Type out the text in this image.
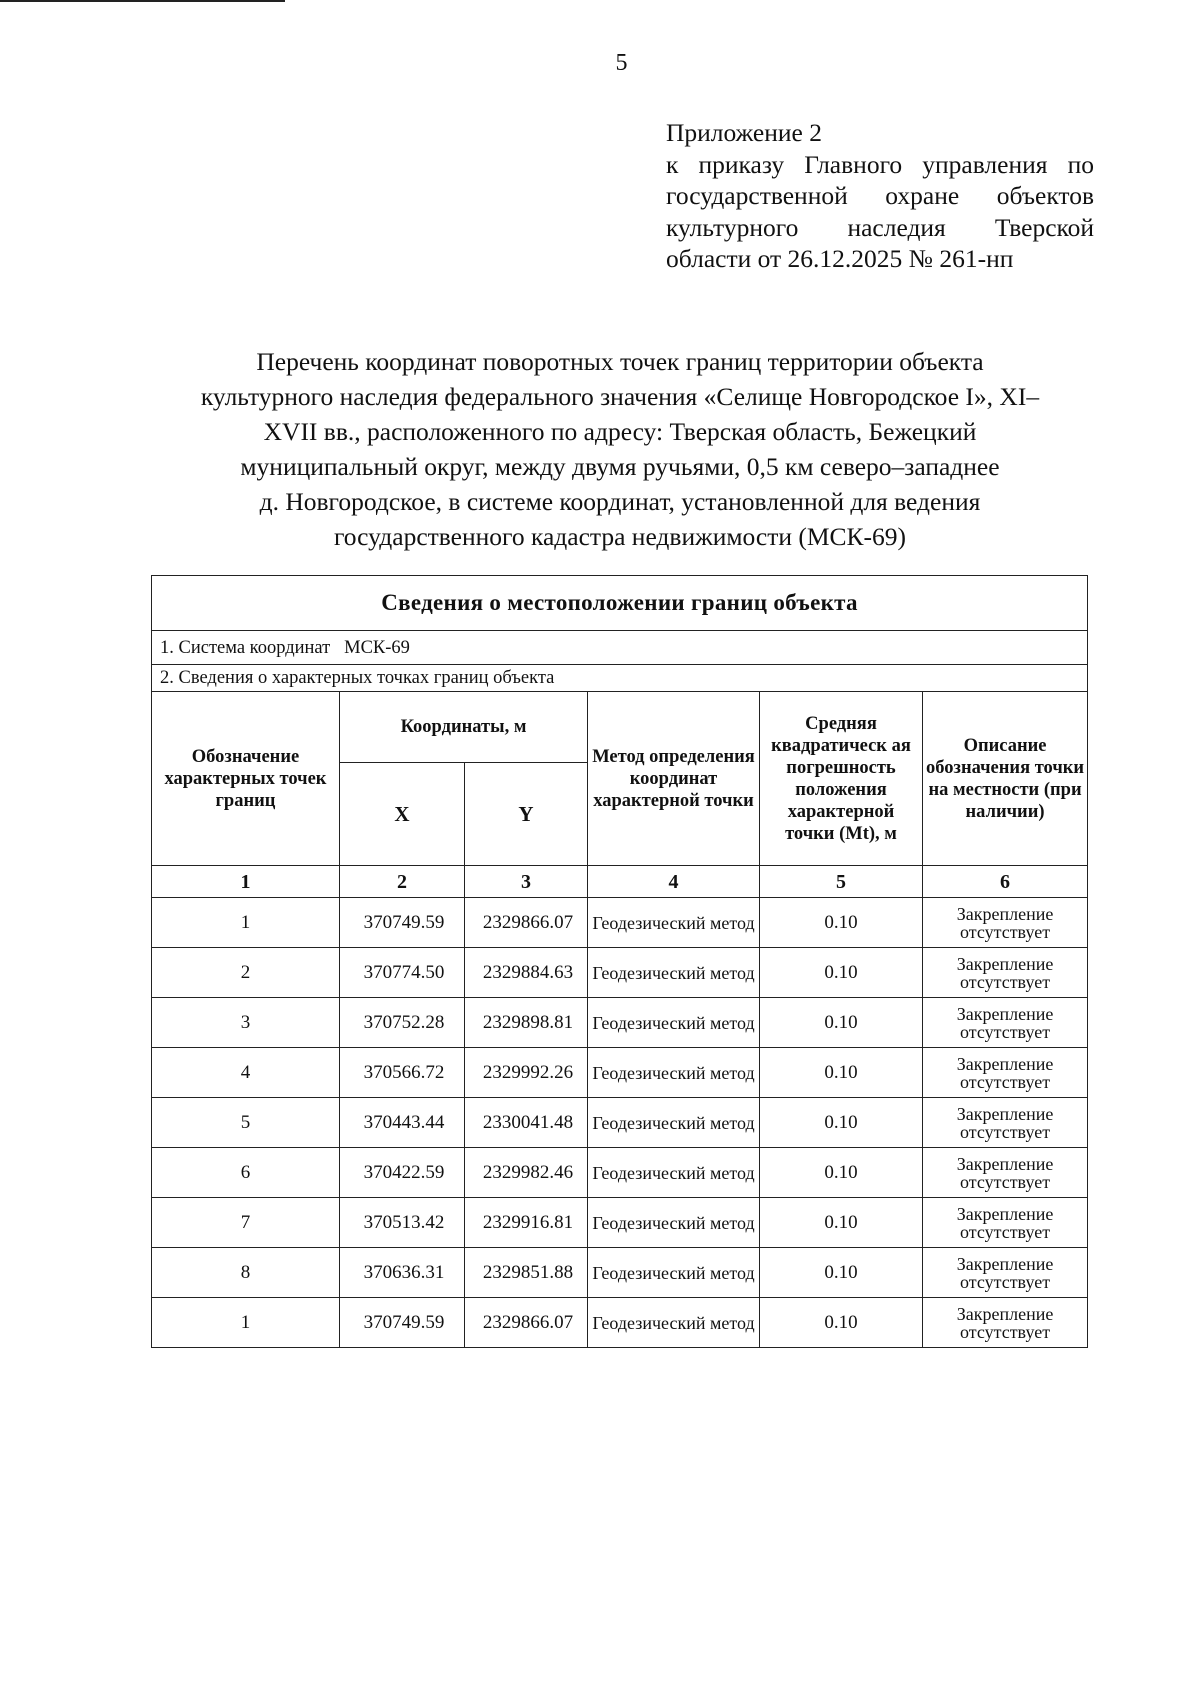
5
Приложение 2
к приказу Главного управления по
государственной охране объектов
культурного наследия Тверской
области от 26.12.2025 № 261-нп
Перечень координат поворотных точек границ территории объекта
культурного наследия федерального значения «Селище Новгородское I», XI–
XVII вв., расположенного по адресу: Тверская область, Бежецкий
муниципальный округ, между двумя ручьями, 0,5 км северо–западнее
д. Новгородское, в системе координат, установленной для ведения
государственного кадастра недвижимости (МСК-69)
Сведения о местоположении границ объекта					
1. Система координат   МСК-69					
2. Сведения о характерных точках границ объекта					
Обозначение характерных точек границ	Координаты, м		Метод определения координат характерной точки	Средняя квадратическ ая погрешность положения характерной точки (Mt), м	Описание обозначения точки на местности (при наличии)
	X	Y			
1	2	3	4	5	6
1	370749.59	2329866.07	Геодезический метод	0.10	Закрепление отсутствует
2	370774.50	2329884.63	Геодезический метод	0.10	Закрепление отсутствует
3	370752.28	2329898.81	Геодезический метод	0.10	Закрепление отсутствует
4	370566.72	2329992.26	Геодезический метод	0.10	Закрепление отсутствует
5	370443.44	2330041.48	Геодезический метод	0.10	Закрепление отсутствует
6	370422.59	2329982.46	Геодезический метод	0.10	Закрепление отсутствует
7	370513.42	2329916.81	Геодезический метод	0.10	Закрепление отсутствует
8	370636.31	2329851.88	Геодезический метод	0.10	Закрепление отсутствует
1	370749.59	2329866.07	Геодезический метод	0.10	Закрепление отсутствует
